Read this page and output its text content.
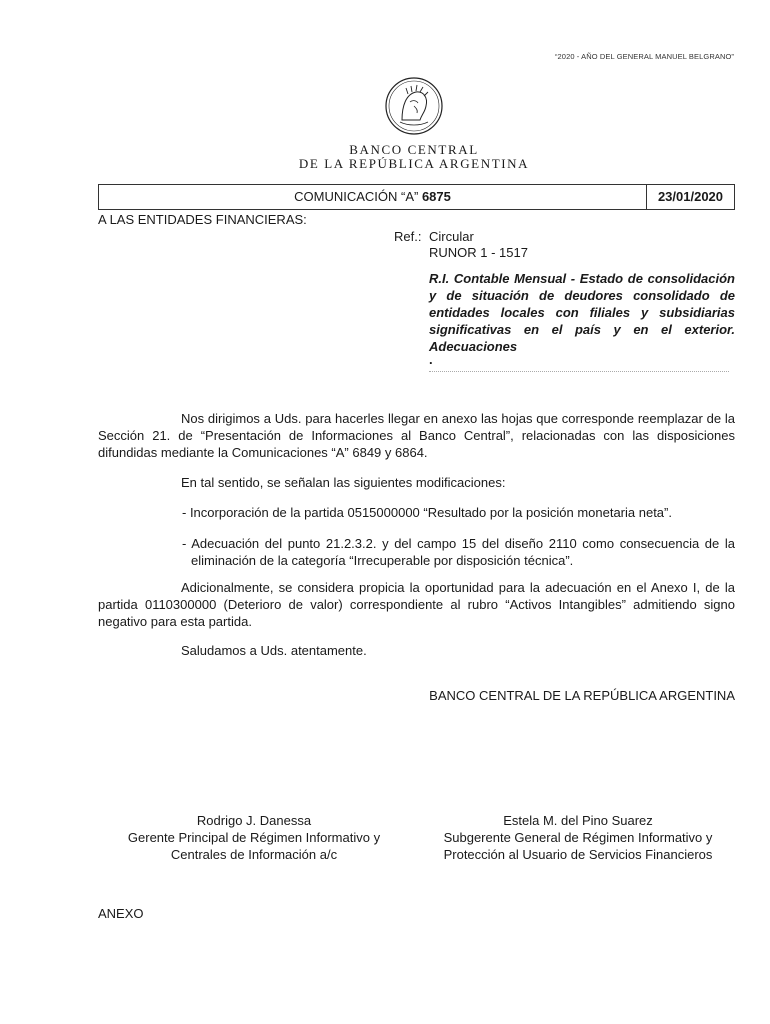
“2020 - AÑO DEL GENERAL MANUEL BELGRANO”
BANCO CENTRAL
DE LA REPÚBLICA ARGENTINA
COMUNICACIÓN “A” 6875	23/01/2020
A LAS ENTIDADES FINANCIERAS:
Ref.: Circular
RUNOR 1 - 1517
R.I. Contable Mensual - Estado de consolidación y de situación de deudores consolidado de entidades locales con filiales y subsidiarias significativas en el país y en el exterior. Adecuaciones
.
Nos dirigimos a Uds. para hacerles llegar en anexo las hojas que corresponde reemplazar de la Sección 21. de “Presentación de Informaciones al Banco Central”, relacionadas con las disposiciones difundidas mediante la Comunicaciones “A” 6849 y 6864.
En tal sentido, se señalan las siguientes modificaciones:
- Incorporación de la partida 0515000000 “Resultado por la posición monetaria neta”.
- Adecuación del punto 21.2.3.2. y del campo 15 del diseño 2110 como consecuencia de la eliminación de la categoría “Irrecuperable por disposición técnica”.
Adicionalmente, se considera propicia la oportunidad para la adecuación en el Anexo I, de la partida 0110300000 (Deterioro de valor) correspondiente al rubro “Activos Intangibles” admitiendo signo negativo para esta partida.
Saludamos a Uds. atentamente.
BANCO CENTRAL DE LA REPÚBLICA ARGENTINA
Rodrigo J. Danessa
Gerente Principal de Régimen Informativo y
Centrales de Información a/c
Estela M. del Pino Suarez
Subgerente General de Régimen Informativo y
Protección al Usuario de Servicios Financieros
ANEXO
